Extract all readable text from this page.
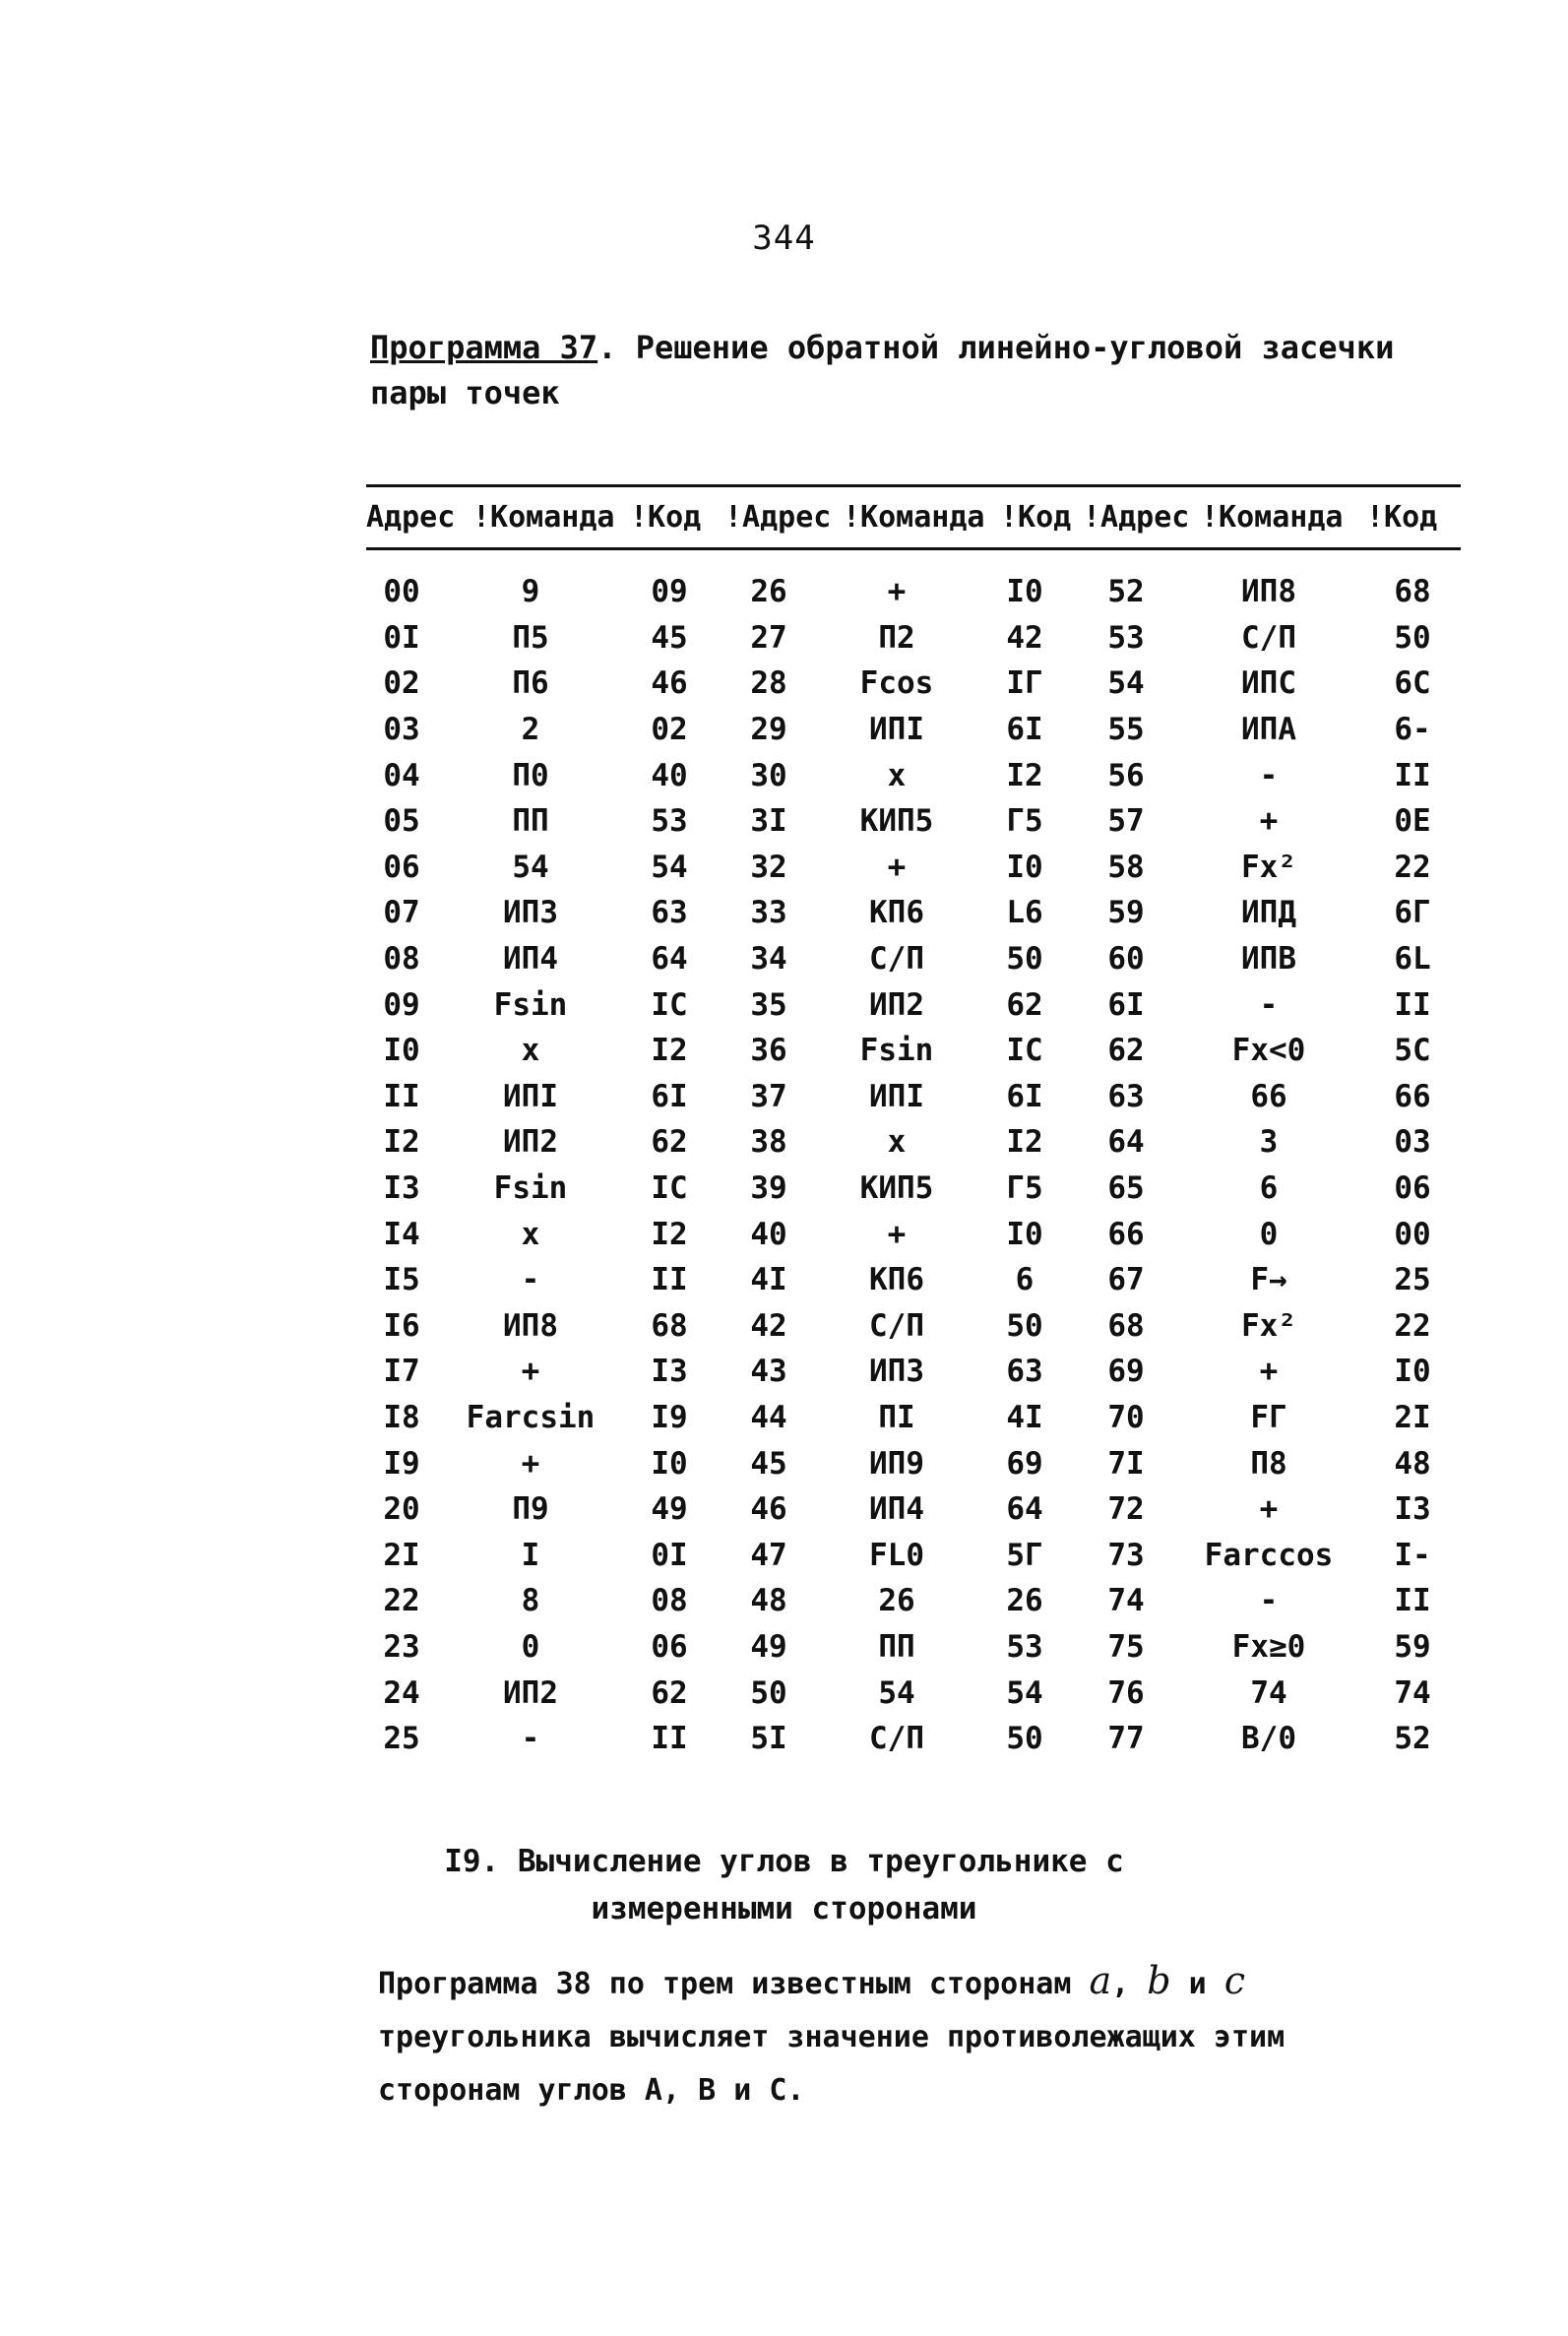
344
Программа 37. Решение обратной линейно-угловой засечки пары точек
Адрес !Команда !Код !Адрес !Команда !Код !Адрес !Команда !Код
00	9	09	26	+	I0	52	ИП8	68
0I	П5	45	27	П2	42	53	С/П	50
02	П6	46	28	Fcos	IГ	54	ИПС	6С
03	2	02	29	ИПI	6I	55	ИПА	6-
04	П0	40	30	x	I2	56	-	II
05	ПП	53	3I	КИП5	Г5	57	+	0E
06	54	54	32	+	I0	58	Fx²	22
07	ИП3	63	33	КП6	L6	59	ИПД	6Г
08	ИП4	64	34	С/П	50	60	ИПВ	6L
09	Fsin	IC	35	ИП2	62	6I	-	II
I0	x	I2	36	Fsin	IC	62	Fx<0	5C
II	ИПI	6I	37	ИПI	6I	63	66	66
I2	ИП2	62	38	x	I2	64	3	03
I3	Fsin	IC	39	КИП5	Г5	65	6	06
I4	x	I2	40	+	I0	66	0	00
I5	-	II	4I	КП6	6	67	F→	25
I6	ИП8	68	42	С/П	50	68	Fx²	22
I7	+	I3	43	ИП3	63	69	+	I0
I8	Farcsin	I9	44	ПI	4I	70	FГ	2I
I9	+	I0	45	ИП9	69	7I	П8	48
20	П9	49	46	ИП4	64	72	+	I3
2I	I	0I	47	FL0	5Г	73	Farccos	I-
22	8	08	48	26	26	74	-	II
23	0	06	49	ПП	53	75	Fx≥0	59
24	ИП2	62	50	54	54	76	74	74
25	-	II	5I	С/П	50	77	В/0	52
I9. Вычисление углов в треугольнике с
измеренными сторонами
Программа 38 по трем известным сторонам a, b и c треугольника вычисляет значение противолежащих этим сторонам углов А, В и С.
